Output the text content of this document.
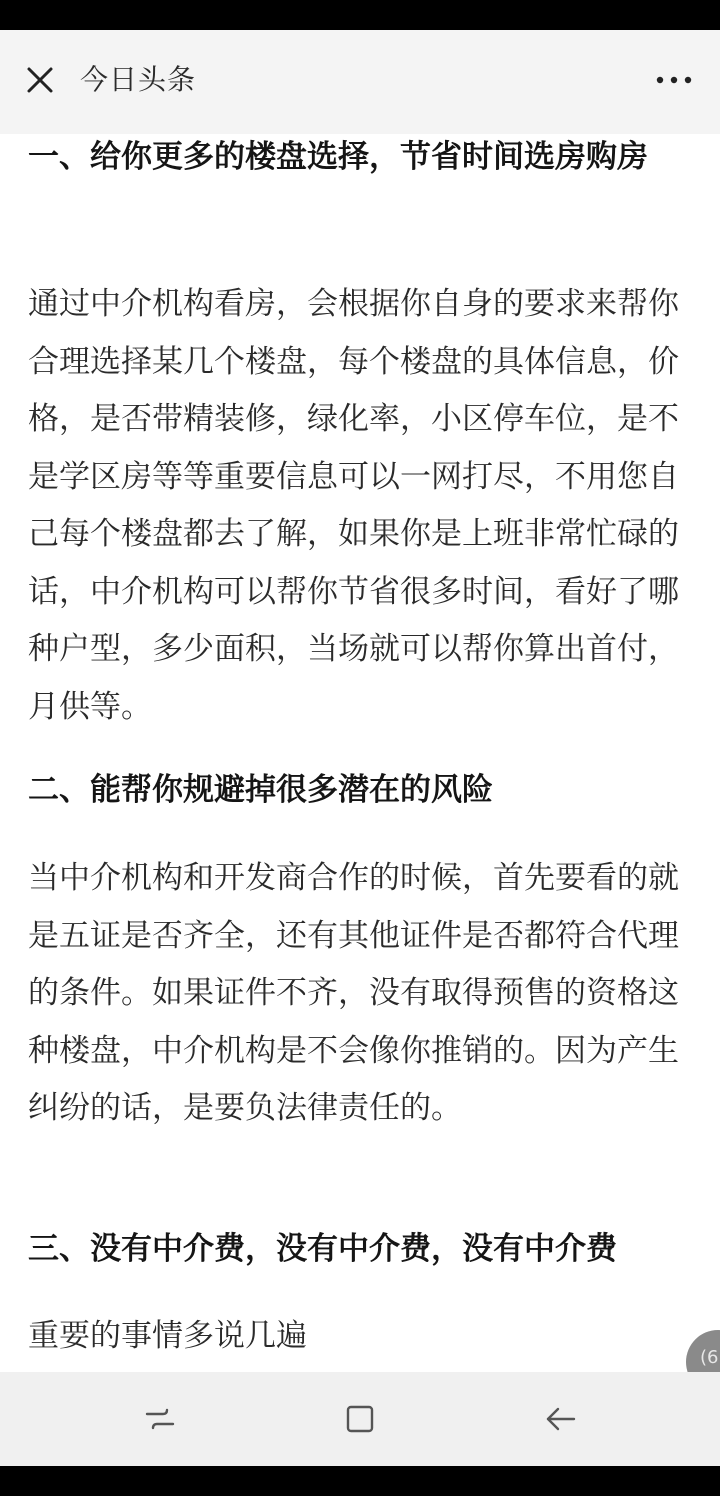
今日头条
一、给你更多的楼盘选择，节省时间选房购房

通过中介机构看房，会根据你自身的要求来帮你合理选择某几个楼盘，每个楼盘的具体信息，价格，是否带精装修，绿化率，小区停车位，是不是学区房等等重要信息可以一网打尽，不用您自己每个楼盘都去了解，如果你是上班非常忙碌的话，中介机构可以帮你节省很多时间，看好了哪种户型，多少面积，当场就可以帮你算出首付，月供等。

二、能帮你规避掉很多潜在的风险

当中介机构和开发商合作的时候，首先要看的就是五证是否齐全，还有其他证件是否都符合代理的条件。如果证件不齐，没有取得预售的资格这种楼盘，中介机构是不会像你推销的。因为产生纠纷的话，是要负法律责任的。

三、没有中介费，没有中介费，没有中介费

重要的事情多说几遍

(6
